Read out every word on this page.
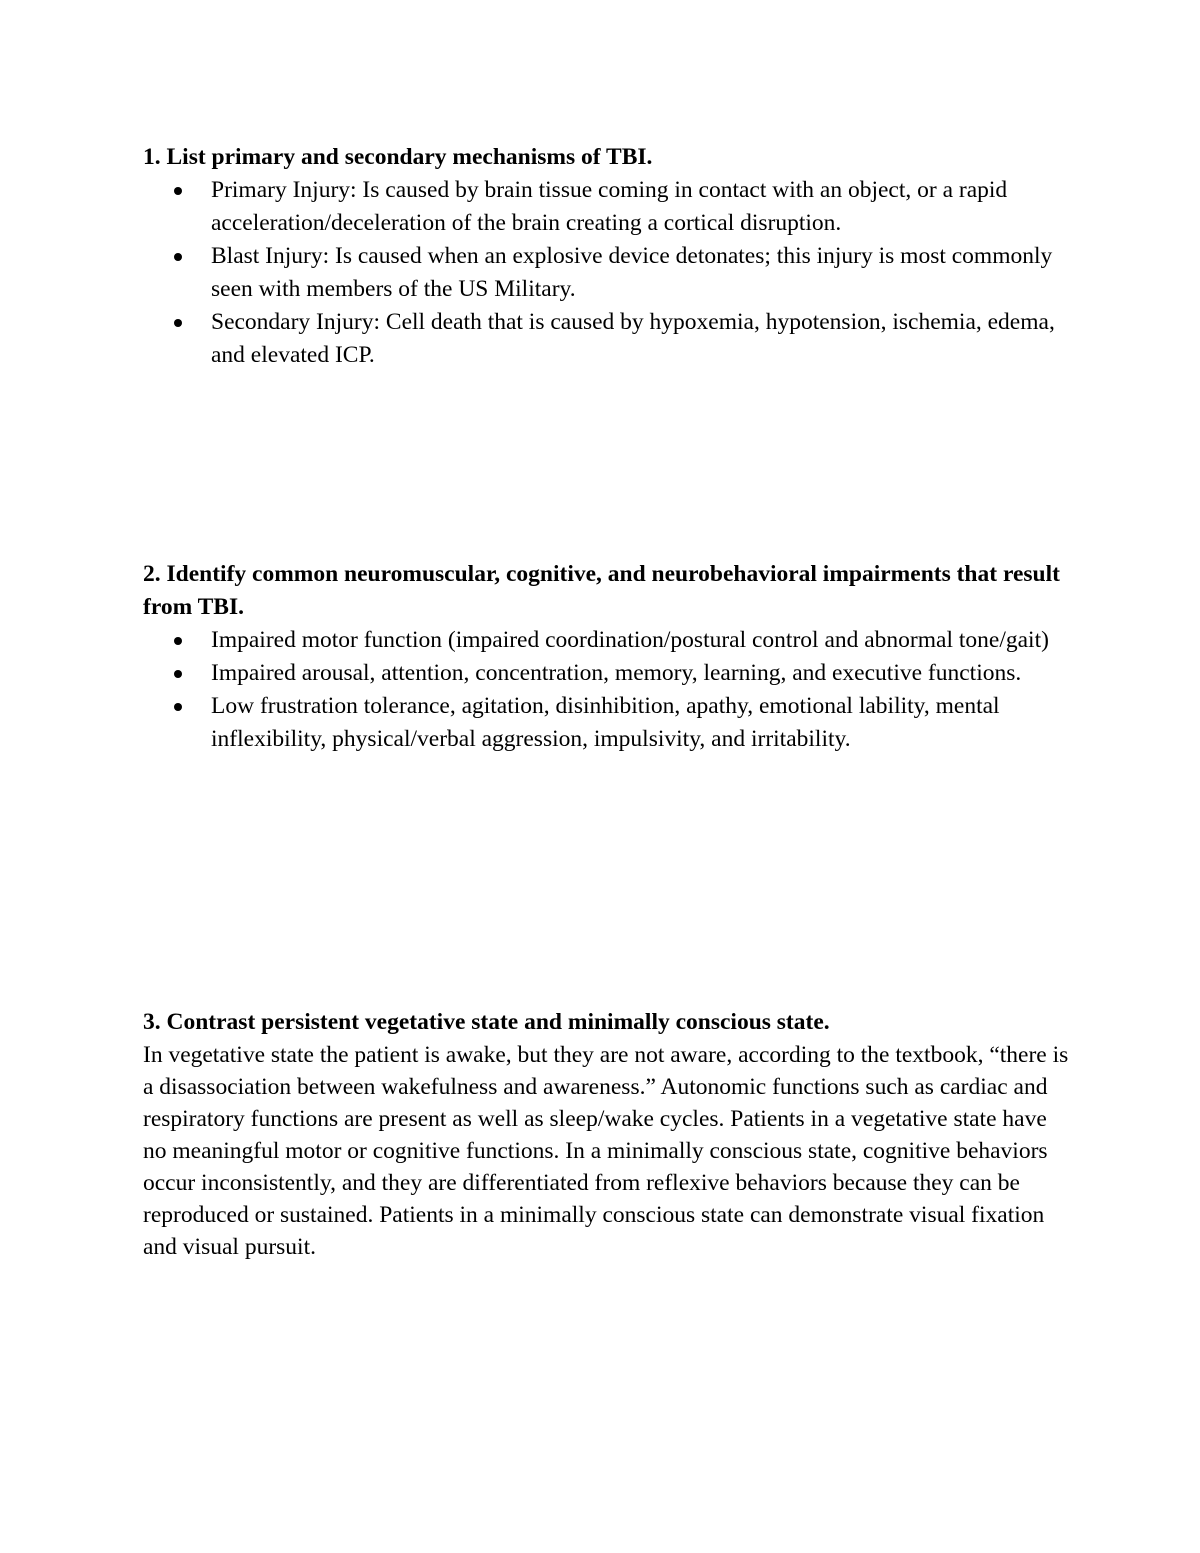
1. List primary and secondary mechanisms of TBI.

Primary Injury: Is caused by brain tissue coming in contact with an object, or a rapid acceleration/deceleration of the brain creating a cortical disruption.
Blast Injury: Is caused when an explosive device detonates; this injury is most commonly seen with members of the US Military.
Secondary Injury: Cell death that is caused by hypoxemia, hypotension, ischemia, edema, and elevated ICP.

2. Identify common neuromuscular, cognitive, and neurobehavioral impairments that result from TBI.

Impaired motor function (impaired coordination/postural control and abnormal tone/gait)
Impaired arousal, attention, concentration, memory, learning, and executive functions.
Low frustration tolerance, agitation, disinhibition, apathy, emotional lability, mental inflexibility, physical/verbal aggression, impulsivity, and irritability.

3. Contrast persistent vegetative state and minimally conscious state.

In vegetative state the patient is awake, but they are not aware, according to the textbook, “there is a disassociation between wakefulness and awareness.” Autonomic functions such as cardiac and respiratory functions are present as well as sleep/wake cycles. Patients in a vegetative state have no meaningful motor or cognitive functions. In a minimally conscious state, cognitive behaviors occur inconsistently, and they are differentiated from reflexive behaviors because they can be reproduced or sustained. Patients in a minimally conscious state can demonstrate visual fixation and visual pursuit.
